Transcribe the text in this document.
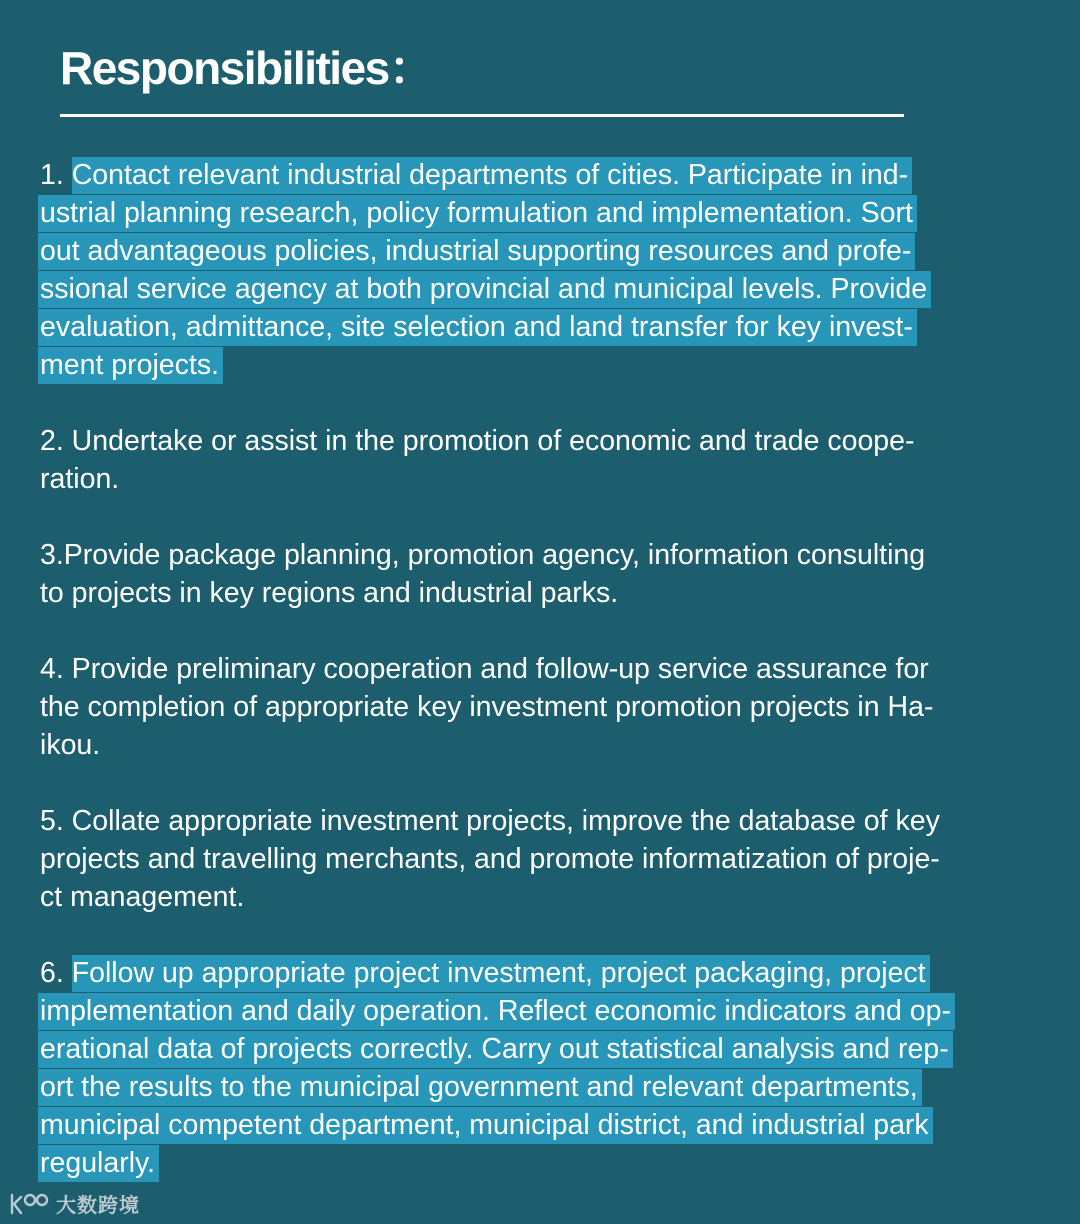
Responsibilities：
1. Contact relevant industrial departments of cities. Participate in ind-
ustrial planning research, policy formulation and implementation. Sort
out advantageous policies, industrial supporting resources and profe-
ssional service agency at both provincial and municipal levels. Provide
evaluation, admittance, site selection and land transfer for key invest-
ment projects.
2. Undertake or assist in the promotion of economic and trade coope-
ration.
3.Provide package planning, promotion agency, information consulting
to projects in key regions and industrial parks.
4. Provide preliminary cooperation and follow-up service assurance for
the completion of appropriate key investment promotion projects in Ha-
ikou.
5. Collate appropriate investment projects, improve the database of key
projects and travelling merchants, and promote informatization of proje-
ct management.
6. Follow up appropriate project investment, project packaging, project
implementation and daily operation. Reflect economic indicators and op-
erational data of projects correctly. Carry out statistical analysis and rep-
ort the results to the municipal government and relevant departments,
municipal competent department, municipal district, and industrial park
regularly.
大数跨境
